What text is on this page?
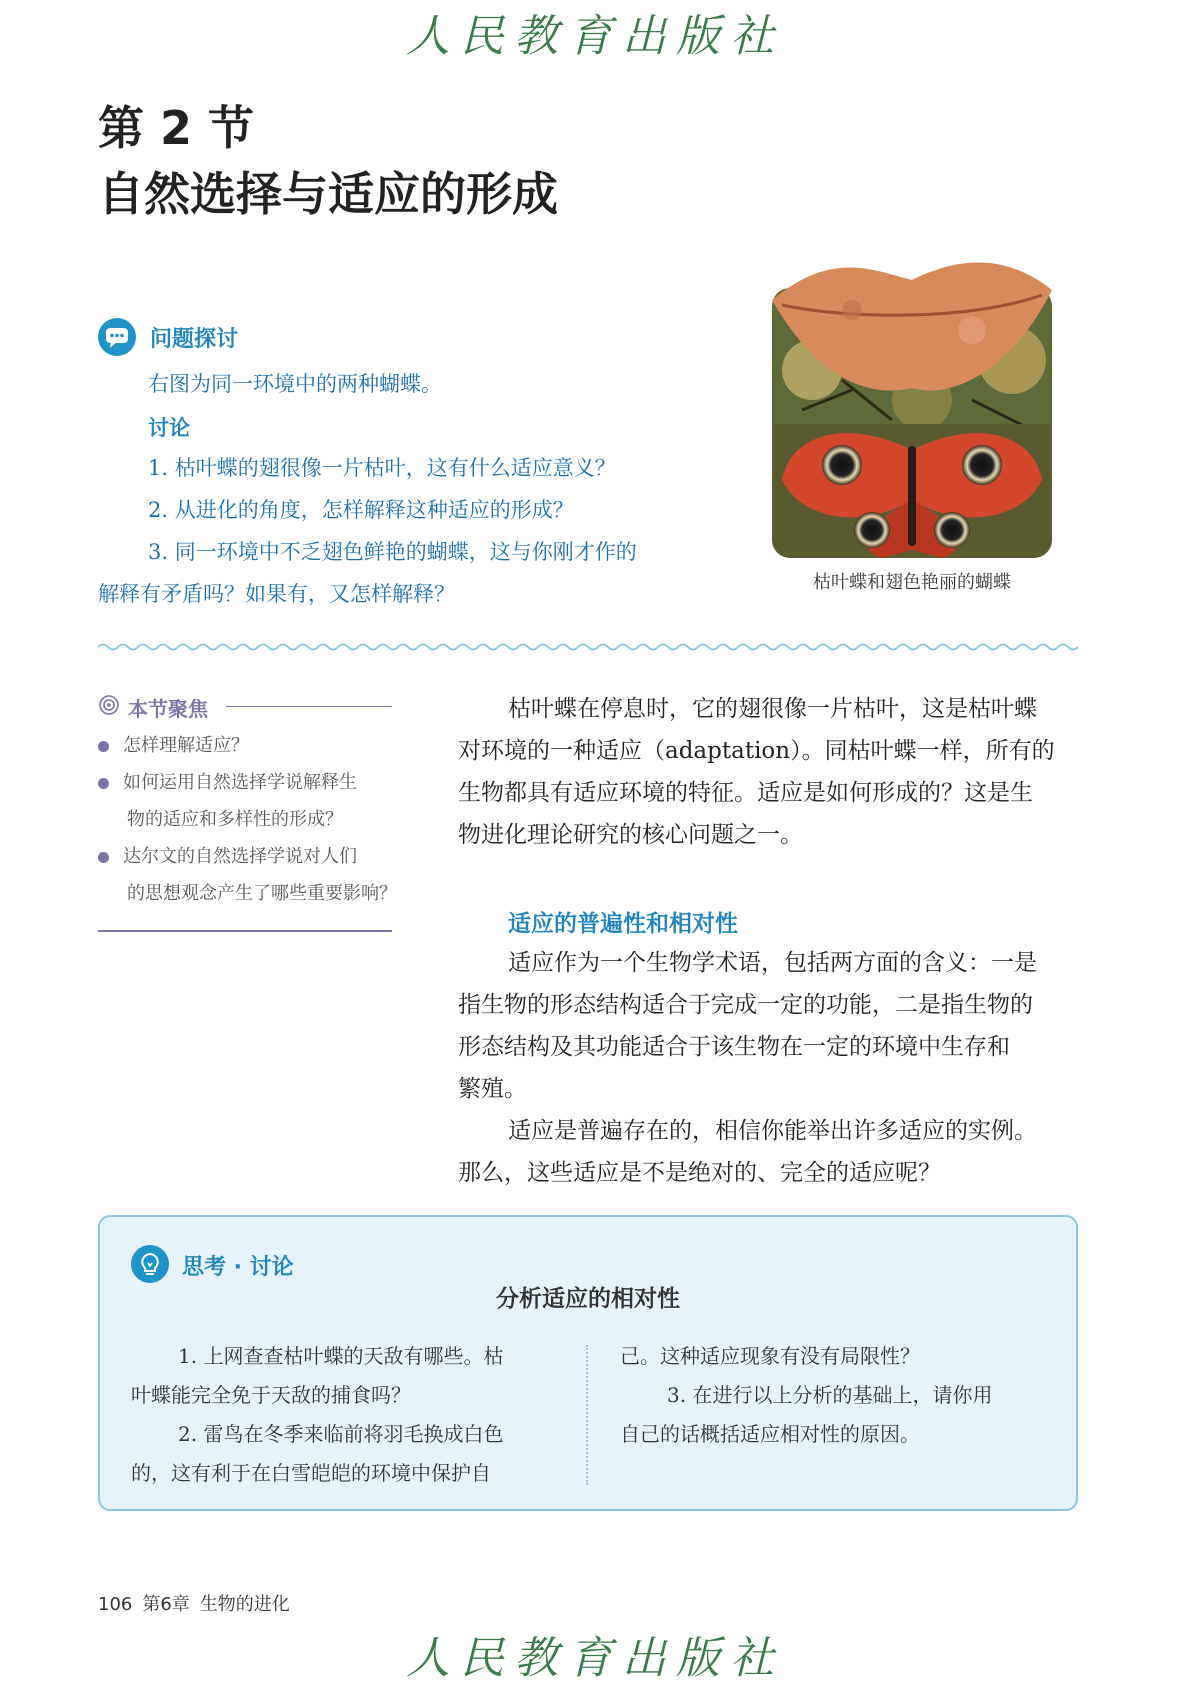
人民教育出版社
第 2 节
自然选择与适应的形成
问题探讨
右图为同一环境中的两种蝴蝶。
讨论
1. 枯叶蝶的翅很像一片枯叶，这有什么适应意义？
2. 从进化的角度，怎样解释这种适应的形成？
3. 同一环境中不乏翅色鲜艳的蝴蝶，这与你刚才作的
解释有矛盾吗？如果有，又怎样解释？	枯叶蝶和翅色艳丽的蝴蝶
本节聚焦
怎样理解适应？
如何运用自然选择学说解释生
物的适应和多样性的形成？
达尔文的自然选择学说对人们
的思想观念产生了哪些重要影响？
枯叶蝶在停息时，它的翅很像一片枯叶，这是枯叶蝶
对环境的一种适应（adaptation）。同枯叶蝶一样，所有的
生物都具有适应环境的特征。适应是如何形成的？这是生
物进化理论研究的核心问题之一。
适应的普遍性和相对性
适应作为一个生物学术语，包括两方面的含义：一是
指生物的形态结构适合于完成一定的功能，二是指生物的
形态结构及其功能适合于该生物在一定的环境中生存和
繁殖。
适应是普遍存在的，相信你能举出许多适应的实例。
那么，这些适应是不是绝对的、完全的适应呢？
思考 · 讨论
分析适应的相对性
1. 上网查查枯叶蝶的天敌有哪些。枯
叶蝶能完全免于天敌的捕食吗？
2. 雷鸟在冬季来临前将羽毛换成白色
的，这有利于在白雪皑皑的环境中保护自
己。这种适应现象有没有局限性？
3. 在进行以上分析的基础上，请你用
自己的话概括适应相对性的原因。
106 第6章 生物的进化
人民教育出版社
